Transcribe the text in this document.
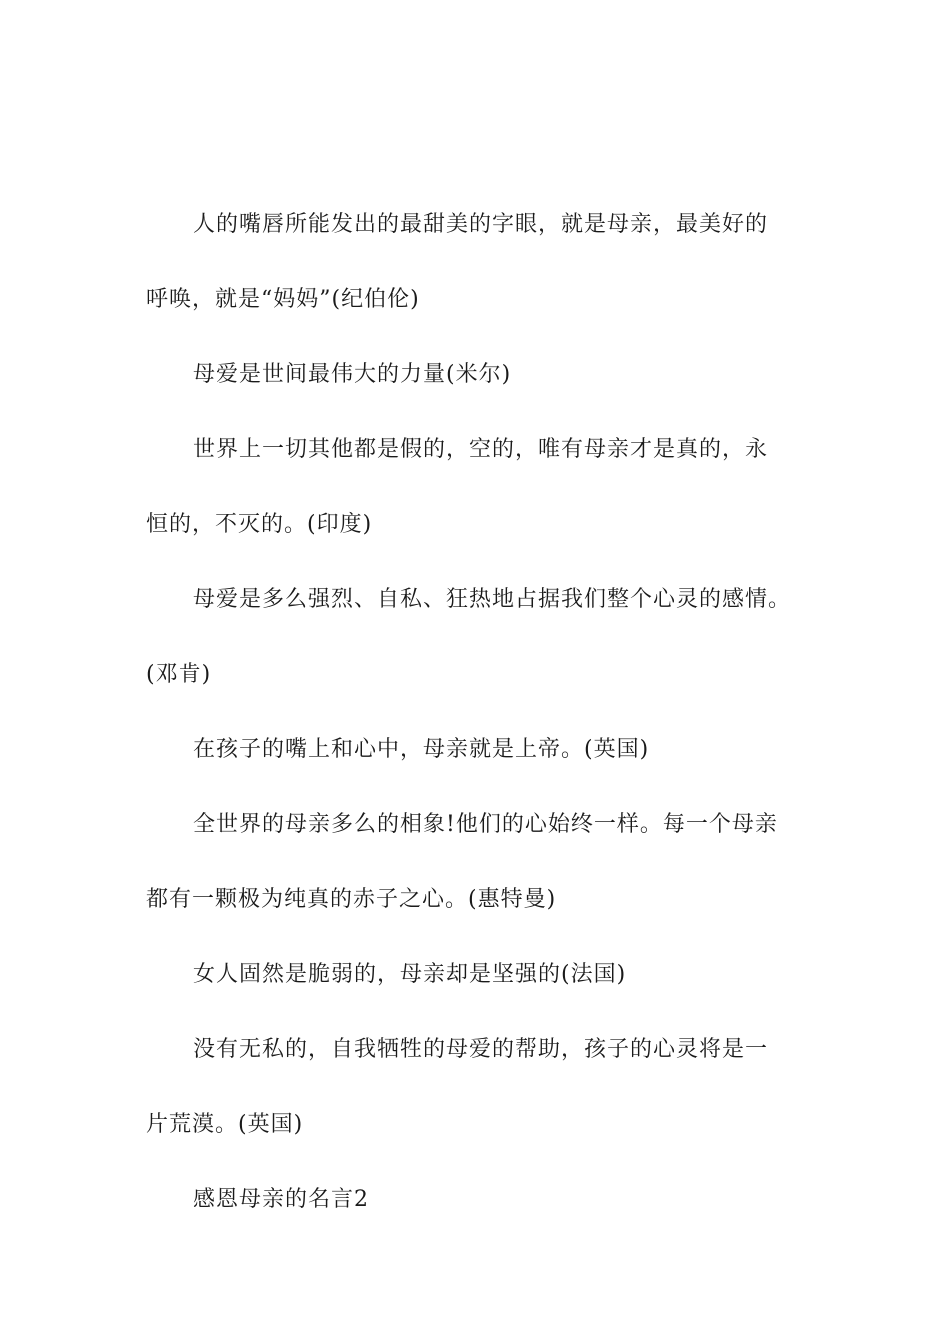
人的嘴唇所能发出的最甜美的字眼，就是母亲，最美好的
呼唤，就是“妈妈”(纪伯伦)
母爱是世间最伟大的力量(米尔)
世界上一切其他都是假的，空的，唯有母亲才是真的，永
恒的，不灭的。(印度)
母爱是多么强烈、自私、狂热地占据我们整个心灵的感情。
(邓肯)
在孩子的嘴上和心中，母亲就是上帝。(英国)
全世界的母亲多么的相象!他们的心始终一样。每一个母亲
都有一颗极为纯真的赤子之心。(惠特曼)
女人固然是脆弱的，母亲却是坚强的(法国)
没有无私的，自我牺牲的母爱的帮助，孩子的心灵将是一
片荒漠。(英国)
感恩母亲的名言2
